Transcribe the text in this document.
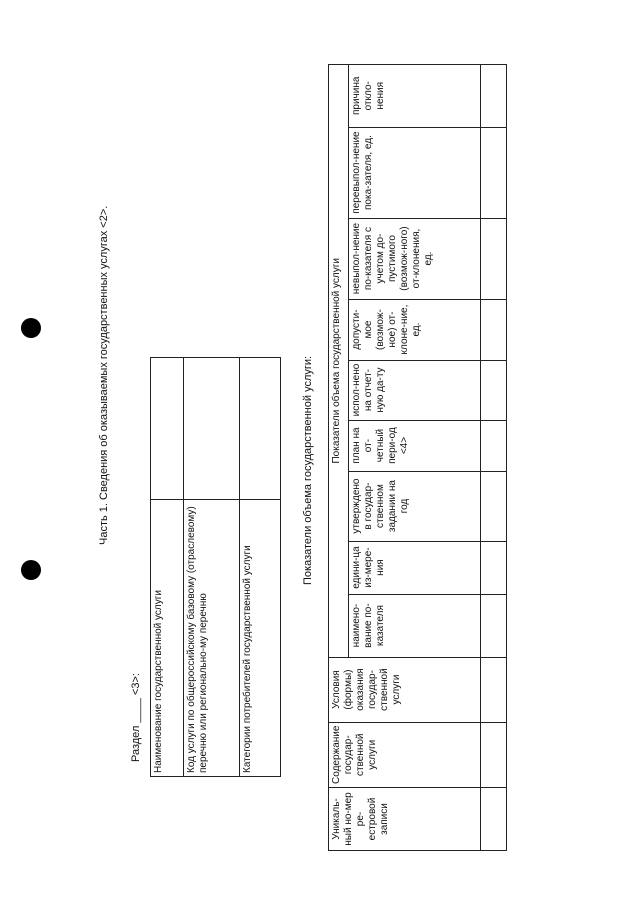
Часть 1. Сведения об оказываемых государственных услугах <2>.
Раздел ____ <3>: Наименование государственной услуги	
Код услуги по общероссийскому базовому (отраслевому) перечню или регионально-му перечню	
Категории потребителей государственной услуги	
Показатели объема государственной услуги:
Уникаль-ный но-мер ре-естровой записи	Содержание государ-ственной услуги	Условия (формы) оказания государ-ственной услуги	Показатели объема государственной услуги								
			наимено-вание по-казателя	едини-ца из-мере-ния	утверждено в государ-ственном задании на год	план на от-четный пери-од <4>	испол-нено на отчет-ную да-ту	допусти-мое (возмож-ное) от-клоне-ние, ед.	невыпол-нение по-казателя с учетом до-пустимого (возмож-ного) от-клонения, ед.	перевыпол-нение пока-зателя, ед.	причина откло-нения
